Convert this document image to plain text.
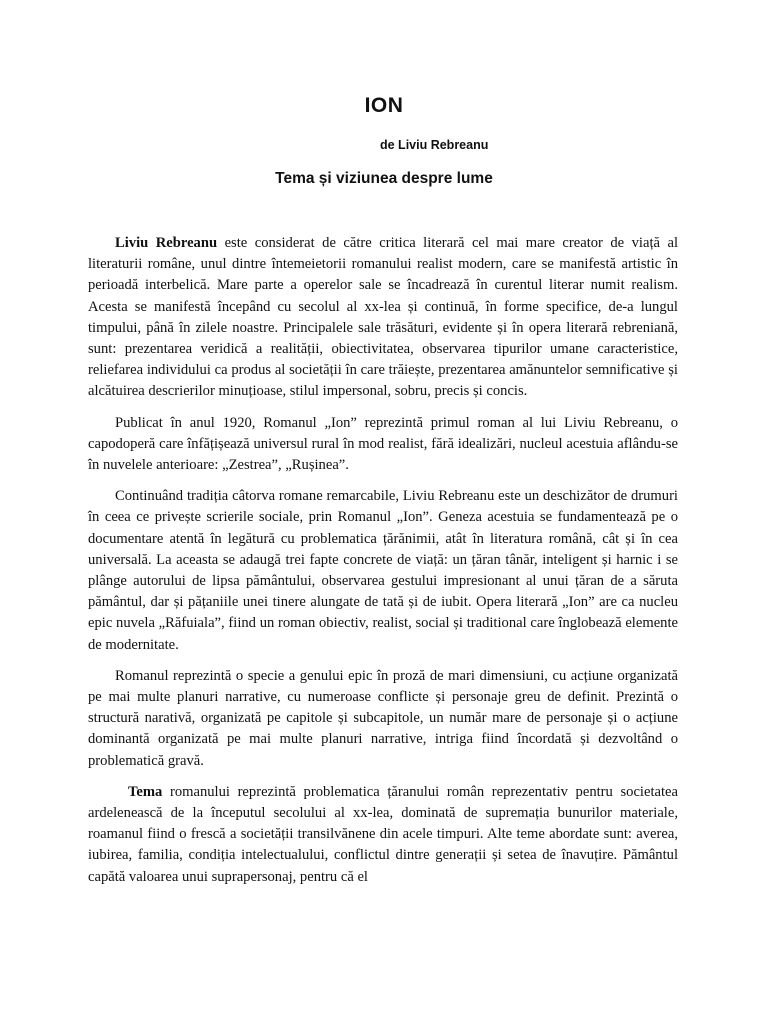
ION
de Liviu Rebreanu
Tema și viziunea despre lume

Liviu Rebreanu este considerat de către critica literară cel mai mare creator de viață al literaturii române, unul dintre întemeietorii romanului realist modern, care se manifestă artistic în perioadă interbelică. Mare parte a operelor sale se încadrează în curentul literar numit realism. Acesta se manifestă începând cu secolul al xx-lea și continuă, în forme specifice, de-a lungul timpului, până în zilele noastre. Principalele sale trăsături, evidente și în opera literară rebreniană, sunt: prezentarea veridică a realității, obiectivitatea, observarea tipurilor umane caracteristice, reliefarea individului ca produs al societății în care trăiește, prezentarea amănuntelor semnificative și alcătuirea descrierilor minuțioase, stilul impersonal, sobru, precis și concis.

Publicat în anul 1920, Romanul „Ion” reprezintă primul roman al lui Liviu Rebreanu, o capodoperă care înfățișează universul rural în mod realist, fără idealizări, nucleul acestuia aflându-se în nuvelele anterioare: „Zestrea”, „Rușinea”.

Continuând tradiția câtorva romane remarcabile, Liviu Rebreanu este un deschizător de drumuri în ceea ce privește scrierile sociale, prin Romanul „Ion”. Geneza acestuia se fundamentează pe o documentare atentă în legătură cu problematica țărănimii, atât în literatura română, cât și în cea universală. La aceasta se adaugă trei fapte concrete de viață: un țăran tânăr, inteligent și harnic i se plânge autorului de lipsa pământului, observarea gestului impresionant al unui țăran de a săruta pământul, dar și pățaniile unei tinere alungate de tată și de iubit. Opera literară „Ion” are ca nucleu epic nuvela „Răfuiala”, fiind un roman obiectiv, realist, social și traditional care înglobează elemente de modernitate.

Romanul reprezintă o specie a genului epic în proză de mari dimensiuni, cu acțiune organizată pe mai multe planuri narrative, cu numeroase conflicte și personaje greu de definit. Prezintă o structură narativă, organizată pe capitole și subcapitole, un număr mare de personaje și o acțiune dominantă organizată pe mai multe planuri narrative, intriga fiind încordată și dezvoltând o problematică gravă.

Tema romanului reprezintă problematica țăranului român reprezentativ pentru societatea ardelenească de la începutul secolului al xx-lea, dominată de supremația bunurilor materiale, roamanul fiind o frescă a societății transilvănene din acele timpuri. Alte teme abordate sunt: averea, iubirea, familia, condiția intelectualului, conflictul dintre generații și setea de înavuțire. Pământul capătă valoarea unui suprapersonaj, pentru că el
